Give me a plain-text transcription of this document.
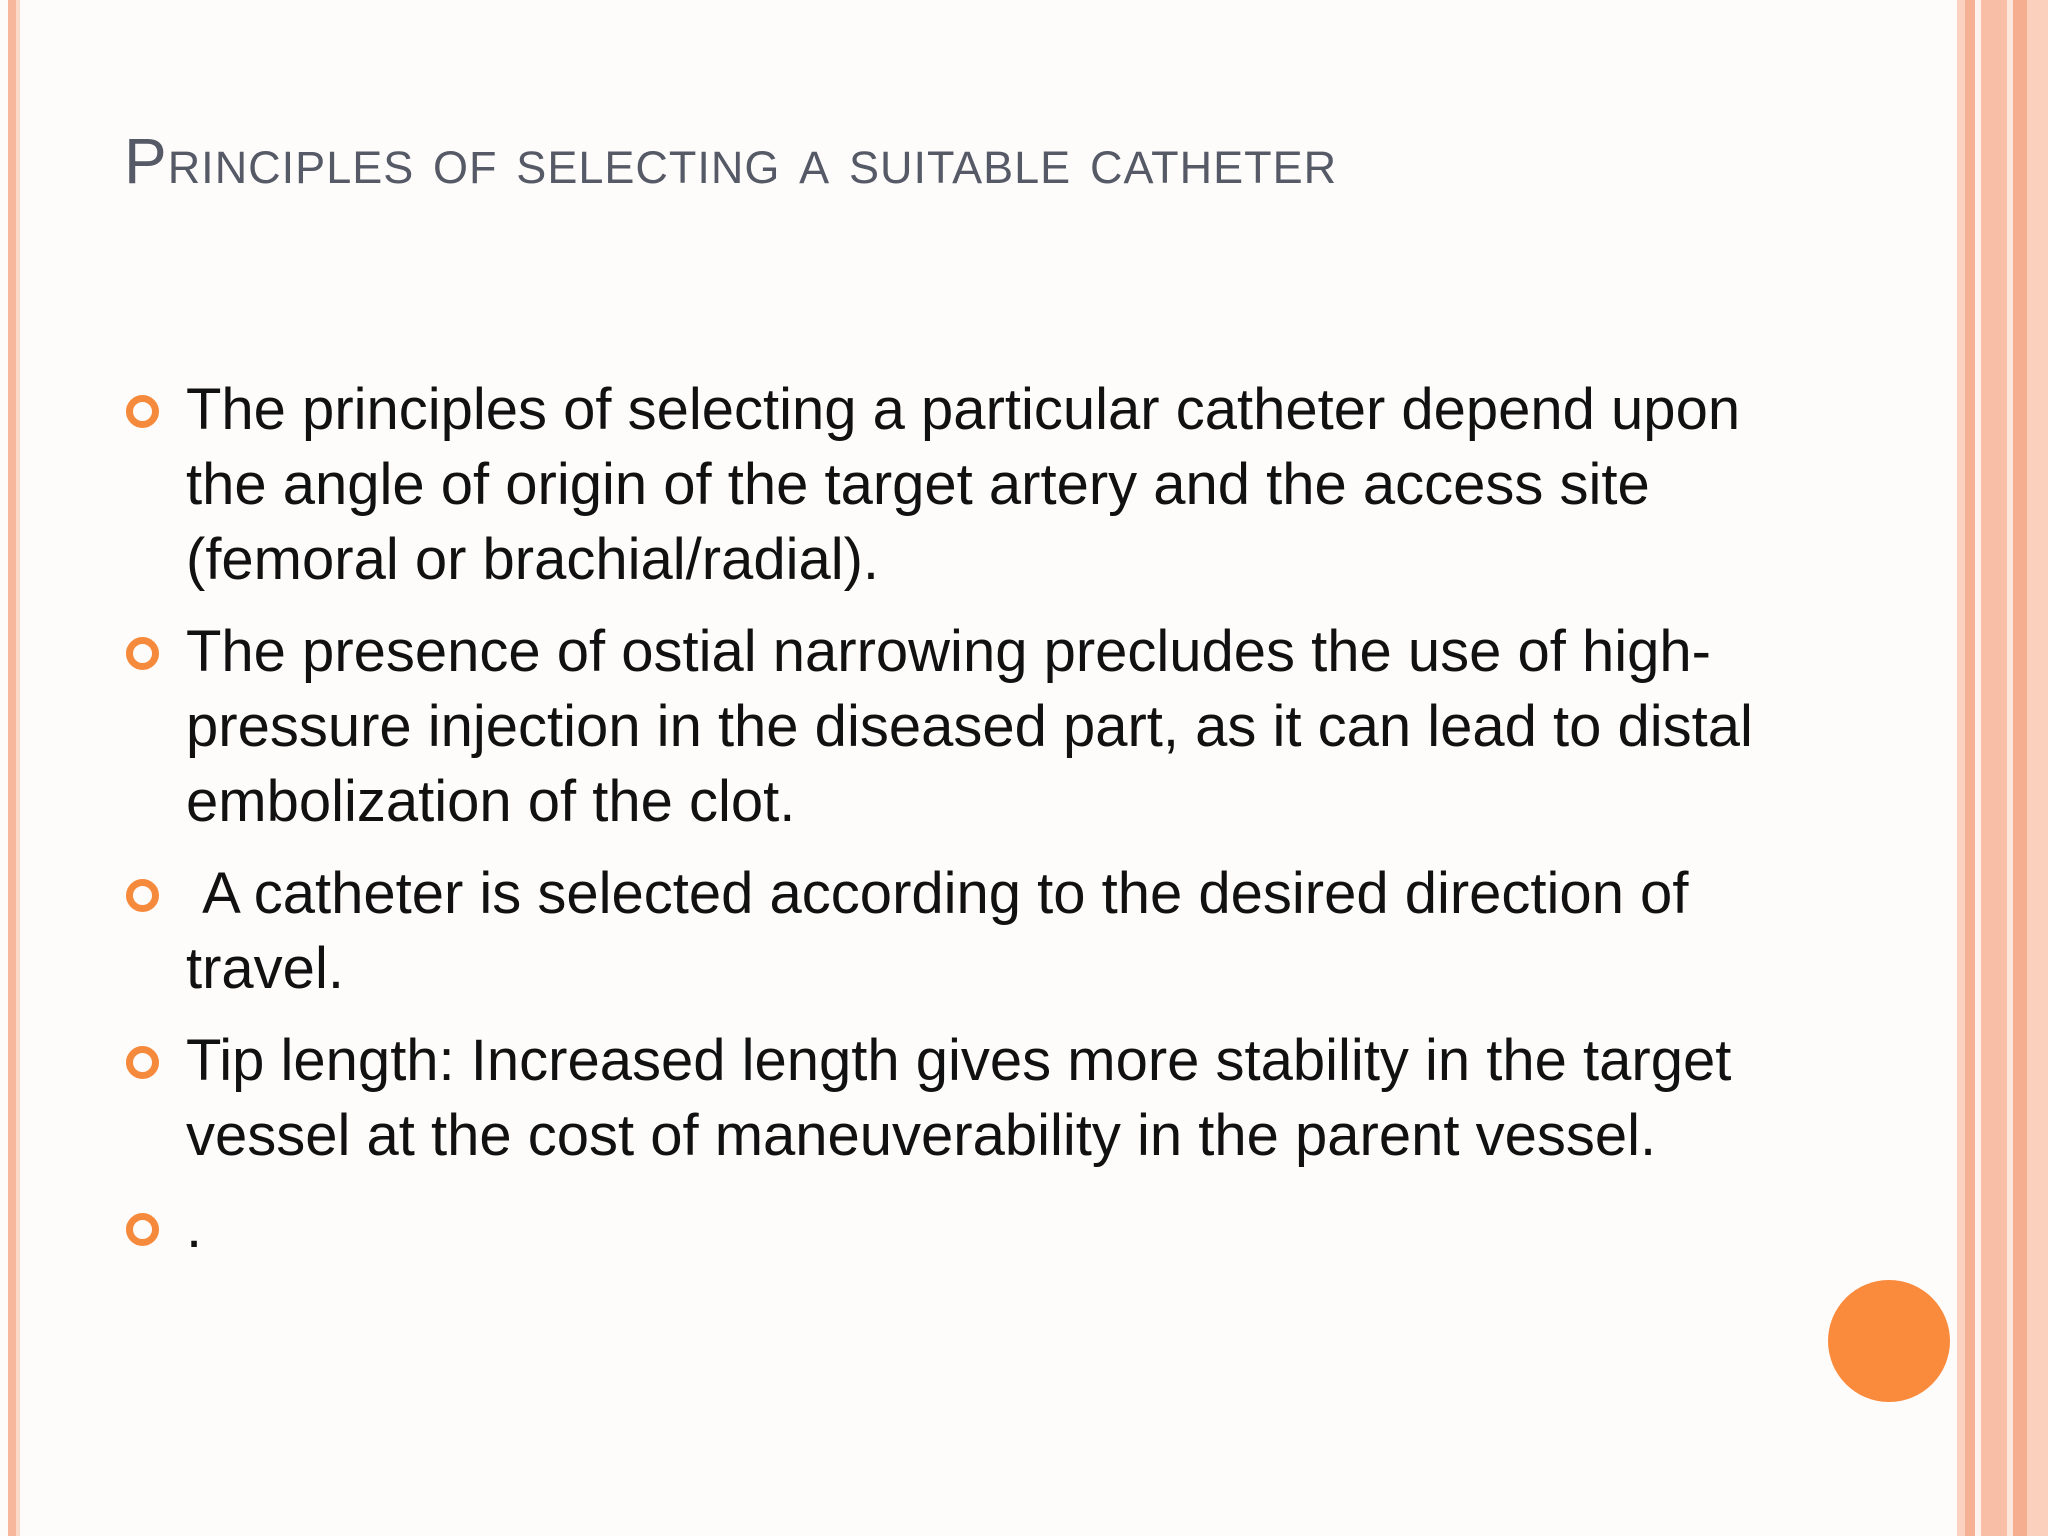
Principles of selecting a suitable catheter
The principles of selecting a particular catheter depend upon the angle of origin of the target artery and the access site (femoral or brachial/radial).
The presence of ostial narrowing precludes the use of high-pressure injection in the diseased part, as it can lead to distal embolization of the clot.
A catheter is selected according to the desired direction of travel.
Tip length: Increased length gives more stability in the target vessel at the cost of maneuverability in the parent vessel.
.
